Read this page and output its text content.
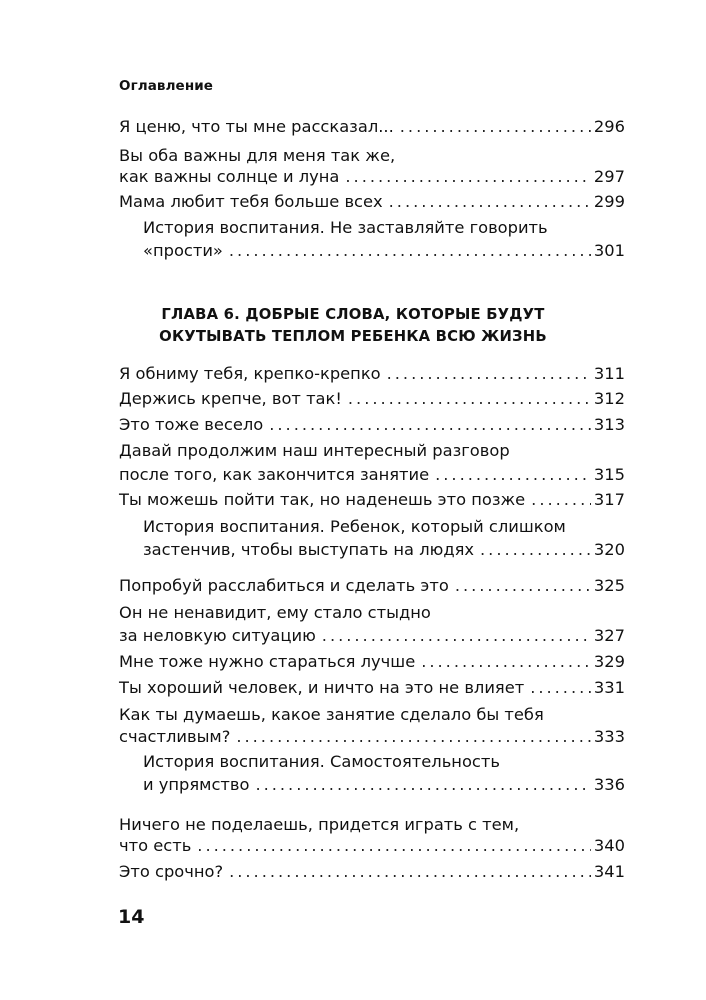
Оглавление
Я ценю, что ты мне рассказал... . . .	296
Вы оба важны для меня так же,
как важны солнце и луна . . .	297
Мама любит тебя больше всех . . .	299
История воспитания. Не заставляйте говорить
«прости» . . .	301
ГЛАВА 6. ДОБРЫЕ СЛОВА, КОТОРЫЕ БУДУТ
ОКУТЫВАТЬ ТЕПЛОМ РЕБЕНКА ВСЮ ЖИЗНЬ
Я обниму тебя, крепко-крепко . . .	311
Держись крепче, вот так! . . .	312
Это тоже весело . . .	313
Давай продолжим наш интересный разговор
после того, как закончится занятие . . .	315
Ты можешь пойти так, но наденешь это позже . . .	317
История воспитания. Ребенок, который слишком
застенчив, чтобы выступать на людях . . .	320
Попробуй расслабиться и сделать это . . .	325
Он не ненавидит, ему стало стыдно
за неловкую ситуацию . . .	327
Мне тоже нужно стараться лучше . . .	329
Ты хороший человек, и ничто на это не влияет . . .	331
Как ты думаешь, какое занятие сделало бы тебя
счастливым? . . .	333
История воспитания. Самостоятельность
и упрямство . . .	336
Ничего не поделаешь, придется играть с тем,
что есть . . .	340
Это срочно? . . .	341
14
